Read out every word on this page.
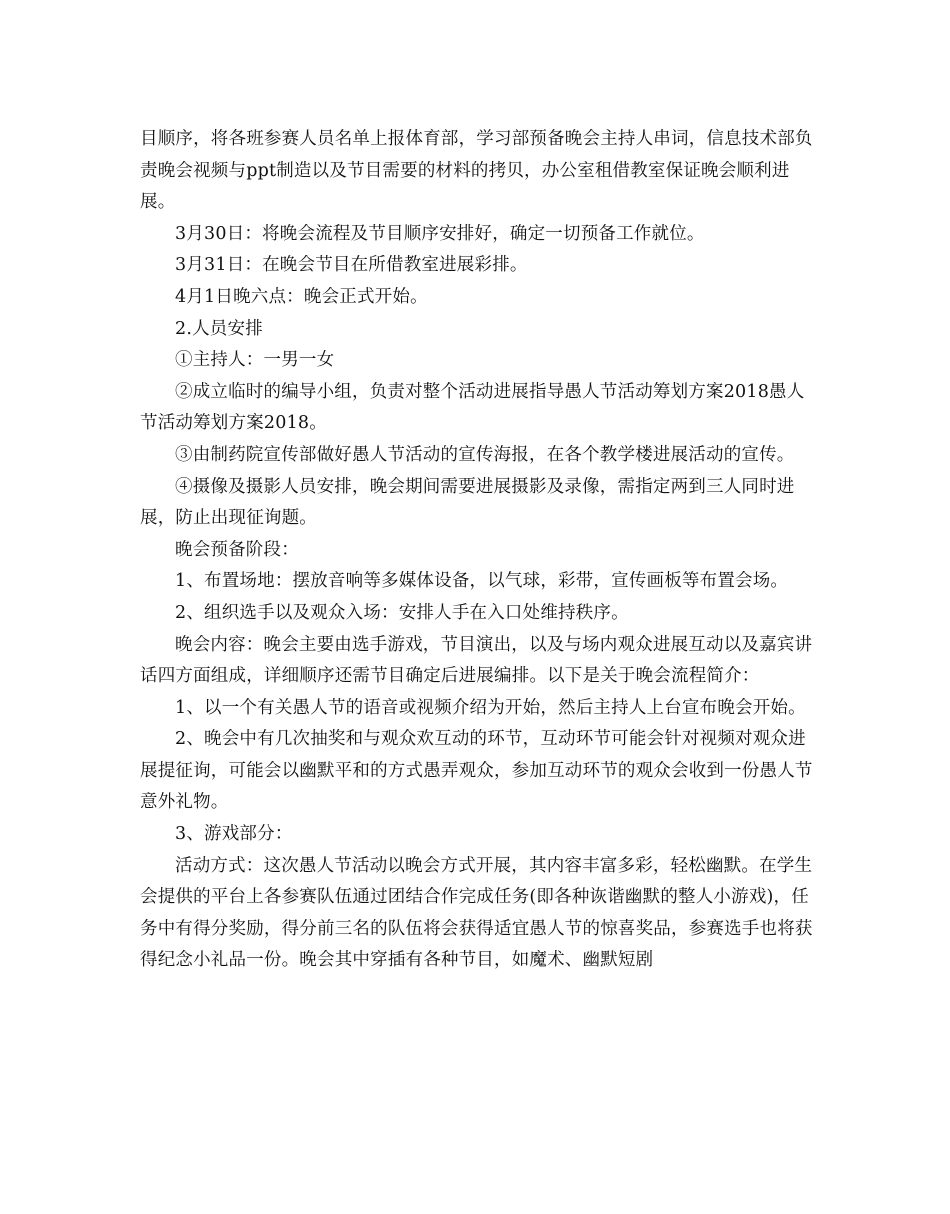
目顺序，将各班参赛人员名单上报体育部，学习部预备晚会主持人串词，信息技术部负责晚会视频与ppt制造以及节目需要的材料的拷贝，办公室租借教室保证晚会顺利进展。

3月30日：将晚会流程及节目顺序安排好，确定一切预备工作就位。

3月31日：在晚会节目在所借教室进展彩排。

4月1日晚六点：晚会正式开始。

2.人员安排

①主持人：一男一女

②成立临时的编导小组，负责对整个活动进展指导愚人节活动筹划方案2018愚人节活动筹划方案2018。

③由制药院宣传部做好愚人节活动的宣传海报，在各个教学楼进展活动的宣传。

④摄像及摄影人员安排，晚会期间需要进展摄影及录像，需指定两到三人同时进展，防止出现征询题。

晚会预备阶段：

1、布置场地：摆放音响等多媒体设备，以气球，彩带，宣传画板等布置会场。

2、组织选手以及观众入场：安排人手在入口处维持秩序。

晚会内容：晚会主要由选手游戏，节目演出，以及与场内观众进展互动以及嘉宾讲话四方面组成，详细顺序还需节目确定后进展编排。以下是关于晚会流程简介：

1、以一个有关愚人节的语音或视频介绍为开始，然后主持人上台宣布晚会开始。

2、晚会中有几次抽奖和与观众欢互动的环节，互动环节可能会针对视频对观众进展提征询，可能会以幽默平和的方式愚弄观众，参加互动环节的观众会收到一份愚人节意外礼物。

3、游戏部分：

活动方式：这次愚人节活动以晚会方式开展，其内容丰富多彩，轻松幽默。在学生会提供的平台上各参赛队伍通过团结合作完成任务(即各种诙谐幽默的整人小游戏)，任务中有得分奖励，得分前三名的队伍将会获得适宜愚人节的惊喜奖品，参赛选手也将获得纪念小礼品一份。晚会其中穿插有各种节目，如魔术、幽默短剧
